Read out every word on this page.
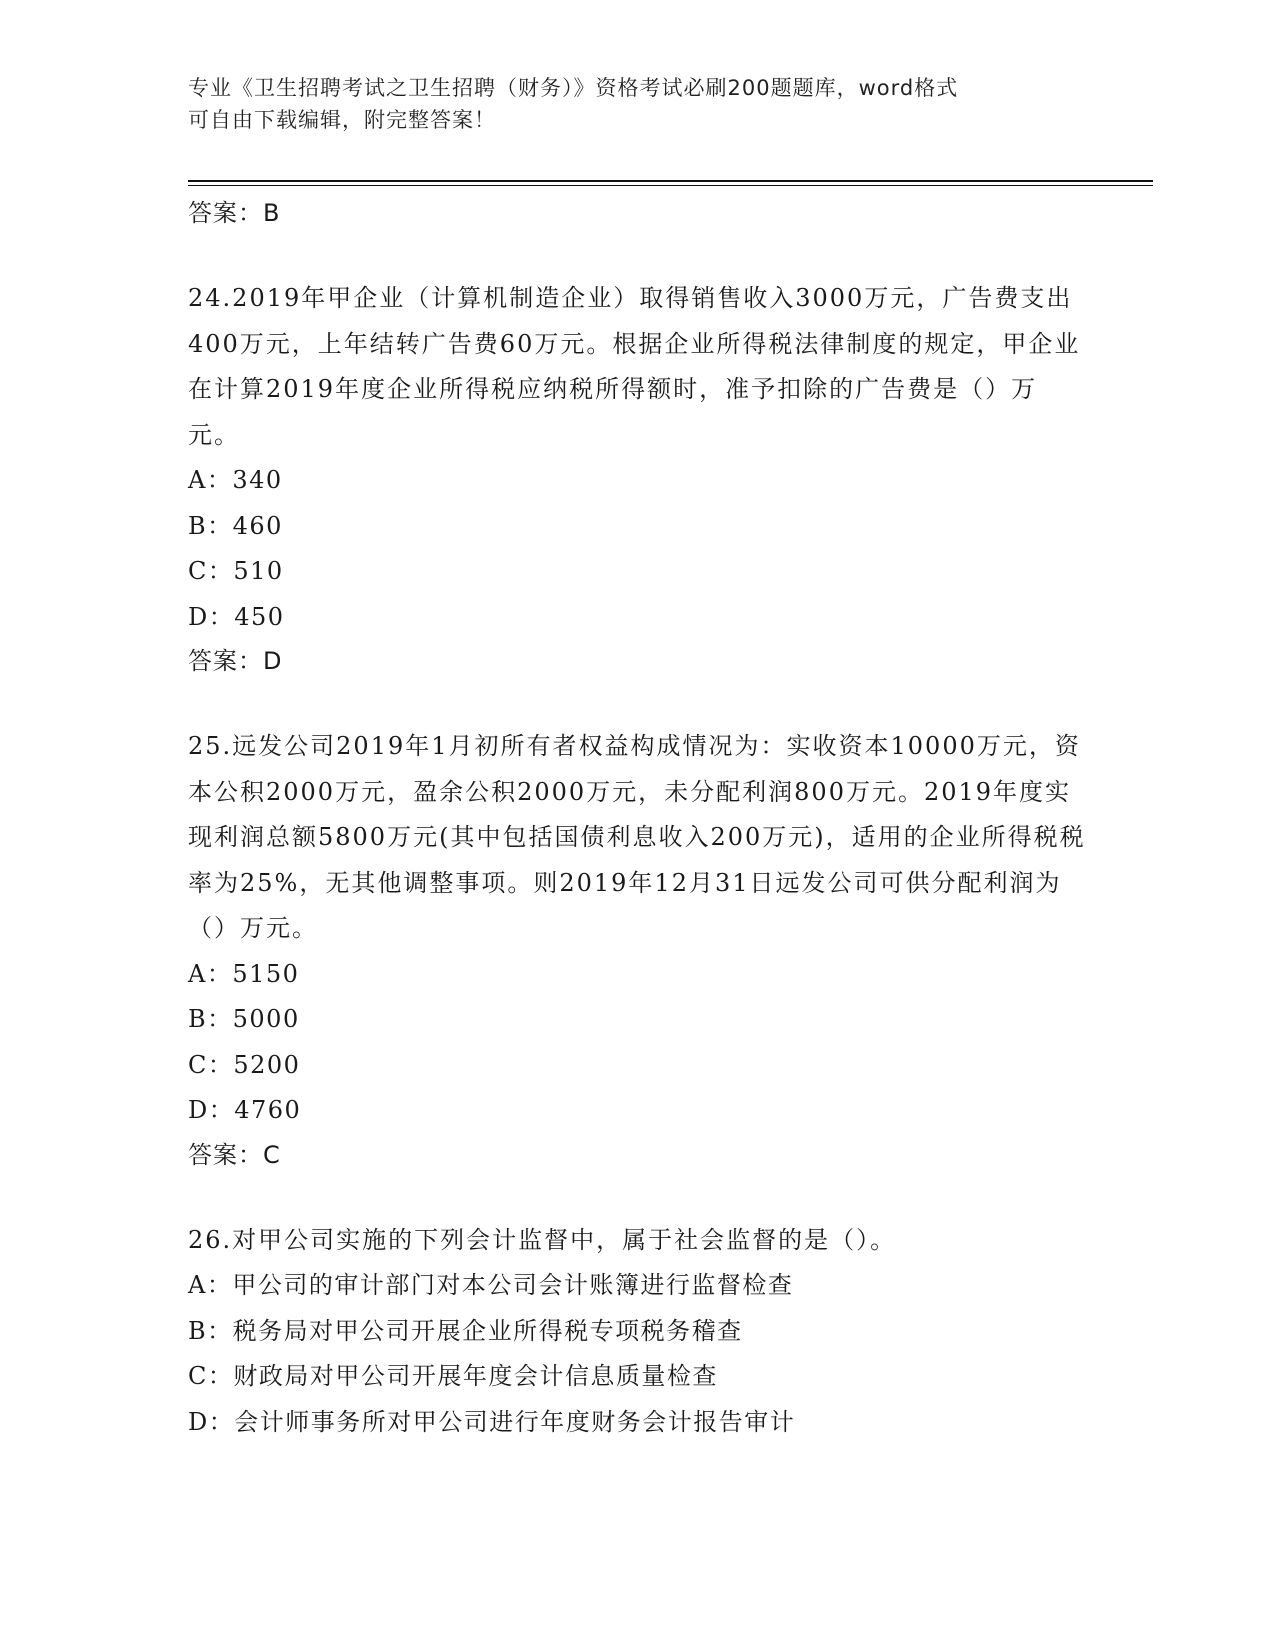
专业《卫生招聘考试之卫生招聘（财务）》资格考试必刷200题题库，word格式
可自由下载编辑，附完整答案！
答案：B
24.2019年甲企业（计算机制造企业）取得销售收入3000万元，广告费支出400万元，上年结转广告费60万元。根据企业所得税法律制度的规定，甲企业在计算2019年度企业所得税应纳税所得额时，准予扣除的广告费是（）万元。
A：340
B：460
C：510
D：450
答案：D
25.远发公司2019年1月初所有者权益构成情况为：实收资本10000万元，资本公积2000万元，盈余公积2000万元，未分配利润800万元。2019年度实现利润总额5800万元(其中包括国债利息收入200万元)，适用的企业所得税税率为25%，无其他调整事项。则2019年12月31日远发公司可供分配利润为（）万元。
A：5150
B：5000
C：5200
D：4760
答案：C
26.对甲公司实施的下列会计监督中，属于社会监督的是（）。
A：甲公司的审计部门对本公司会计账簿进行监督检查
B：税务局对甲公司开展企业所得税专项税务稽查
C：财政局对甲公司开展年度会计信息质量检查
D：会计师事务所对甲公司进行年度财务会计报告审计
